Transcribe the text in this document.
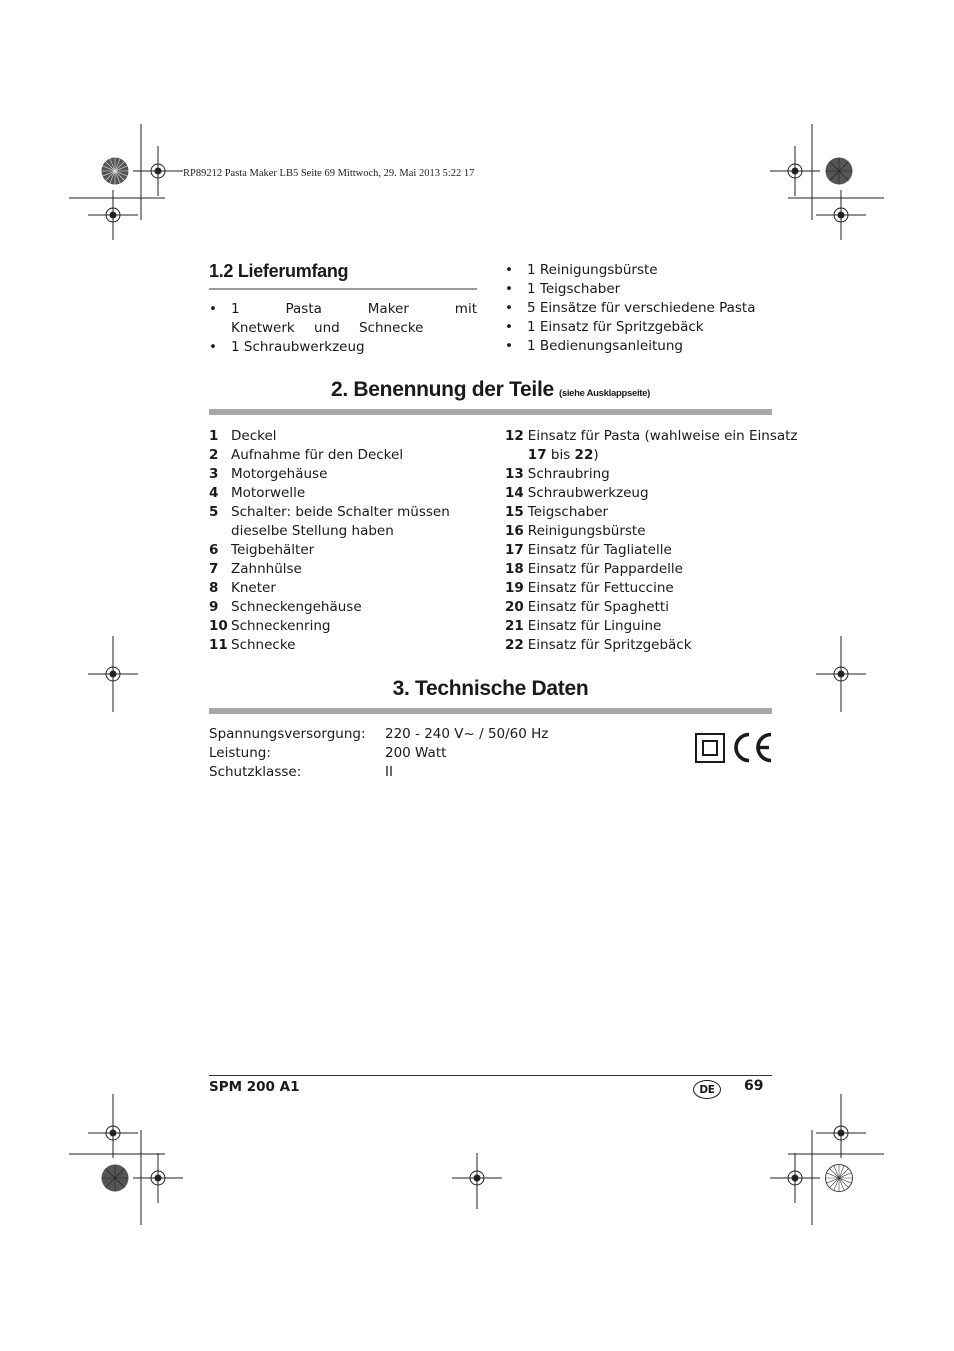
RP89212 Pasta Maker LB5 Seite 69 Mittwoch, 29. Mai 2013 5:22 17
1.2 Lieferumfang
• 1 Pasta Maker mit Knetwerk und Schnecke
• 1 Schraubwerkzeug
• 1 Reinigungsbürste
• 1 Teigschaber
• 5 Einsätze für verschiedene Pasta
• 1 Einsatz für Spritzgebäck
• 1 Bedienungsanleitung
2. Benennung der Teile (siehe Ausklappseite)
1 Deckel
2 Aufnahme für den Deckel
3 Motorgehäuse
4 Motorwelle
5 Schalter: beide Schalter müssen
dieselbe Stellung haben
6 Teigbehälter
7 Zahnhülse
8 Kneter
9 Schneckengehäuse
10 Schneckenring
11 Schnecke
12 Einsatz für Pasta (wahlweise ein Einsatz
17 bis 22)
13 Schraubring
14 Schraubwerkzeug
15 Teigschaber
16 Reinigungsbürste
17 Einsatz für Tagliatelle
18 Einsatz für Pappardelle
19 Einsatz für Fettuccine
20 Einsatz für Spaghetti
21 Einsatz für Linguine
22 Einsatz für Spritzgebäck
3. Technische Daten
Spannungsversorgung:	220 - 240 V~ / 50/60 Hz
Leistung:	200 Watt
Schutzklasse:	II
SPM 200 A1	DE	69
